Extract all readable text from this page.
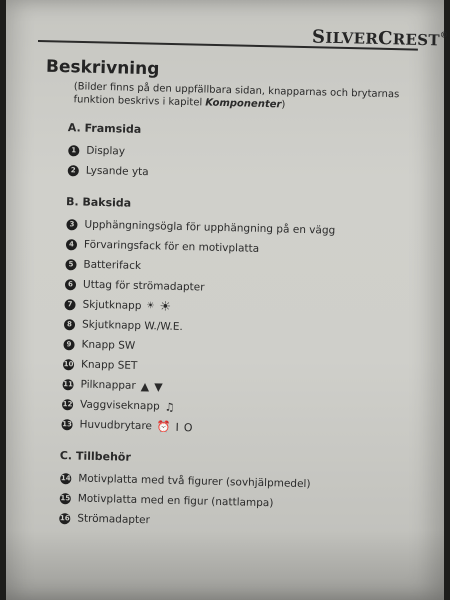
SILVERCREST®
Beskrivning

(Bilder finns på den uppfällbara sidan, knapparnas och brytarnas funktion beskrivs i kapitel Komponenter)

A. Framsida
1 Display
2 Lysande yta
B. Baksida
3 Upphängningsögla för upphängning på en vägg
4 Förvaringsfack för en motivplatta
5 Batterifack
6 Uttag för strömadapter
7 Skjutknapp ☀ ☀
8 Skjutknapp W./W.E.
9 Knapp SW
10 Knapp SET
11 Pilknappar ▲ ▼
12 Vaggviseknapp ♫
13 Huvudbrytare ⏰ I O
C. Tillbehör
14 Motivplatta med två figurer (sovhjälpmedel)
15 Motivplatta med en figur (nattlampa)
16 Strömadapter
